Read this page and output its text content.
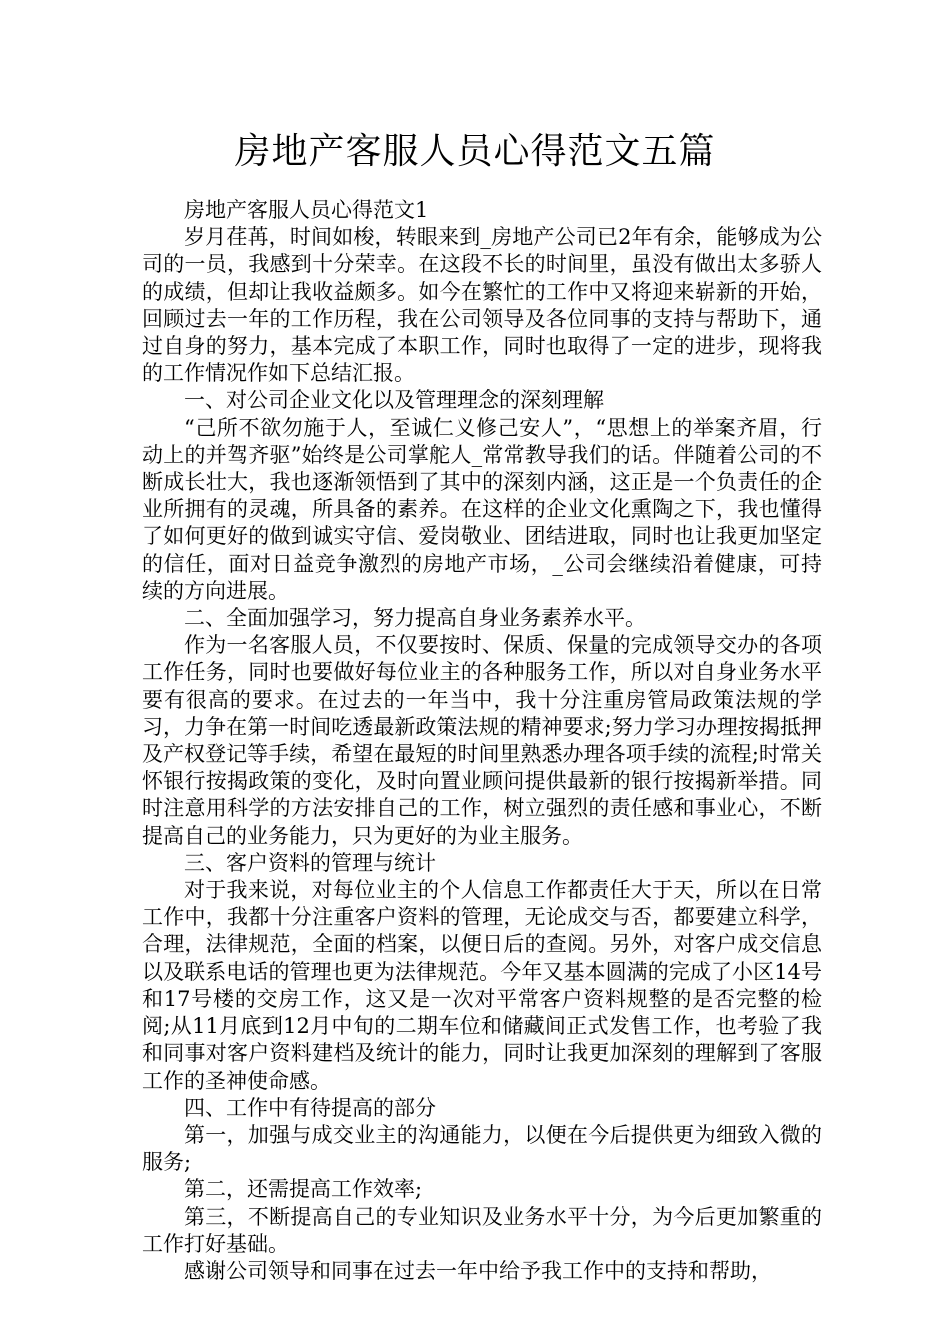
房地产客服人员心得范文五篇

房地产客服人员心得范文1

岁月荏苒，时间如梭，转眼来到_房地产公司已2年有余，能够成为公司的一员，我感到十分荣幸。在这段不长的时间里，虽没有做出太多骄人的成绩，但却让我收益颇多。如今在繁忙的工作中又将迎来崭新的开始，回顾过去一年的工作历程，我在公司领导及各位同事的支持与帮助下，通过自身的努力，基本完成了本职工作，同时也取得了一定的进步，现将我的工作情况作如下总结汇报。

一、对公司企业文化以及管理理念的深刻理解

“己所不欲勿施于人，至诚仁义修己安人”，“思想上的举案齐眉，行动上的并驾齐驱”始终是公司掌舵人_常常教导我们的话。伴随着公司的不断成长壮大，我也逐渐领悟到了其中的深刻内涵，这正是一个负责任的企业所拥有的灵魂，所具备的素养。在这样的企业文化熏陶之下，我也懂得了如何更好的做到诚实守信、爱岗敬业、团结进取，同时也让我更加坚定的信任，面对日益竞争激烈的房地产市场，_公司会继续沿着健康，可持续的方向进展。

二、全面加强学习，努力提高自身业务素养水平。

作为一名客服人员，不仅要按时、保质、保量的完成领导交办的各项工作任务，同时也要做好每位业主的各种服务工作，所以对自身业务水平要有很高的要求。在过去的一年当中，我十分注重房管局政策法规的学习，力争在第一时间吃透最新政策法规的精神要求;努力学习办理按揭抵押及产权登记等手续，希望在最短的时间里熟悉办理各项手续的流程;时常关怀银行按揭政策的变化，及时向置业顾问提供最新的银行按揭新举措。同时注意用科学的方法安排自己的工作，树立强烈的责任感和事业心，不断提高自己的业务能力，只为更好的为业主服务。

三、客户资料的管理与统计

对于我来说，对每位业主的个人信息工作都责任大于天，所以在日常工作中，我都十分注重客户资料的管理，无论成交与否，都要建立科学，合理，法律规范，全面的档案，以便日后的查阅。另外，对客户成交信息以及联系电话的管理也更为法律规范。今年又基本圆满的完成了小区14号和17号楼的交房工作，这又是一次对平常客户资料规整的是否完整的检阅;从11月底到12月中旬的二期车位和储藏间正式发售工作，也考验了我和同事对客户资料建档及统计的能力，同时让我更加深刻的理解到了客服工作的圣神使命感。

四、工作中有待提高的部分

第一，加强与成交业主的沟通能力，以便在今后提供更为细致入微的服务;

第二，还需提高工作效率;

第三，不断提高自己的专业知识及业务水平十分，为今后更加繁重的工作打好基础。

感谢公司领导和同事在过去一年中给予我工作中的支持和帮助，
